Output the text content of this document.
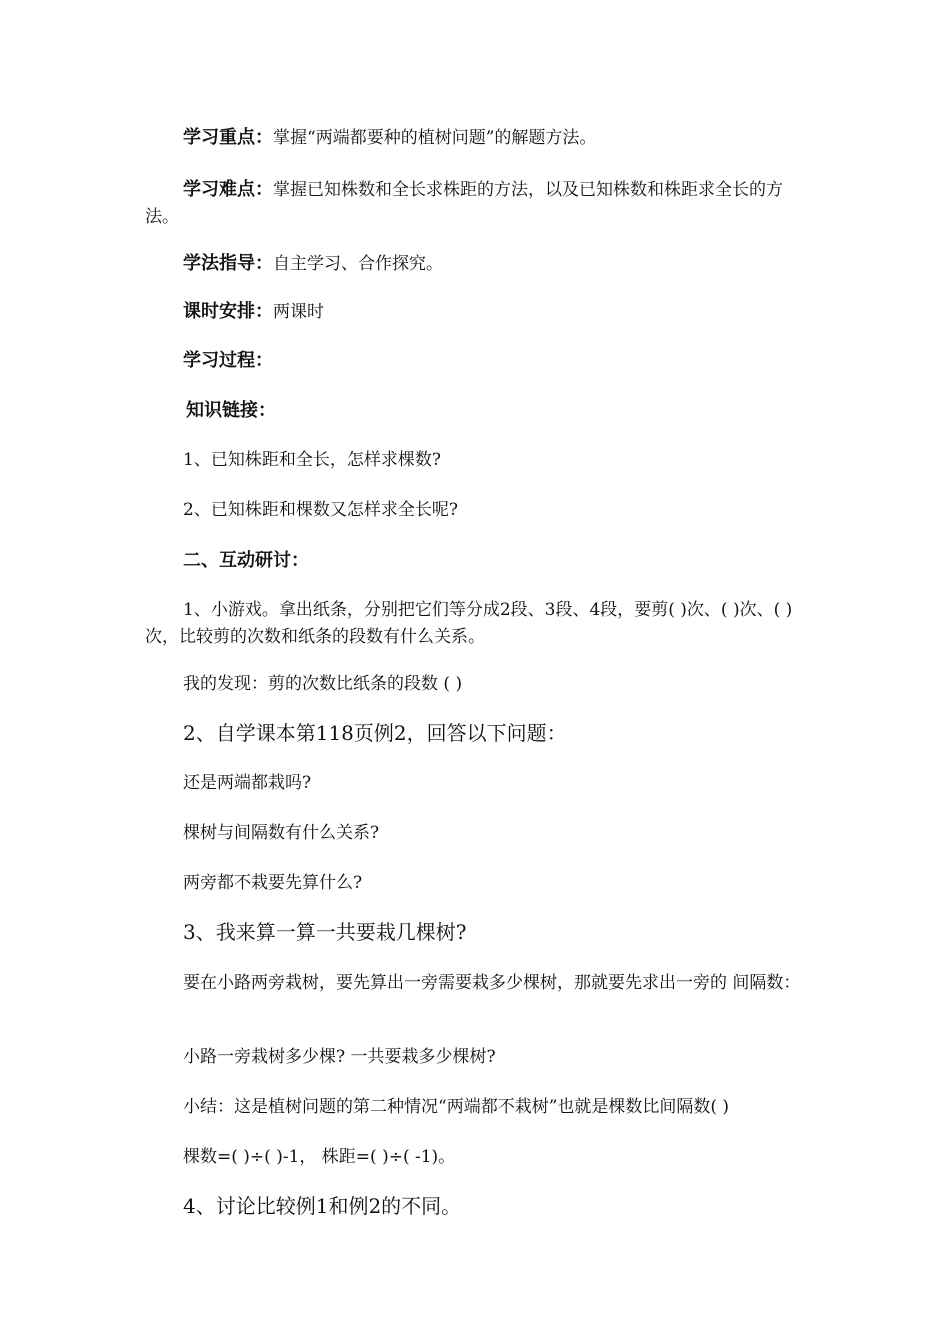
学习重点：掌握“两端都要种的植树问题”的解题方法。

学习难点：掌握已知株数和全长求株距的方法，以及已知株数和株距求全长的方法。

学法指导：自主学习、合作探究。

课时安排：两课时

学习过程：

知识链接：

1、已知株距和全长，怎样求棵数?

2、已知株距和棵数又怎样求全长呢?

二、互动研讨：

1、小游戏。拿出纸条，分别把它们等分成2段、3段、4段，要剪( )次、( )次、( )次，比较剪的次数和纸条的段数有什么关系。

我的发现：剪的次数比纸条的段数 ( )

2、自学课本第118页例2，回答以下问题：

还是两端都栽吗?

棵树与间隔数有什么关系?

两旁都不栽要先算什么?

3、我来算一算一共要栽几棵树?

要在小路两旁栽树，要先算出一旁需要栽多少棵树，那就要先求出一旁的 间隔数：

小路一旁栽树多少棵? 一共要栽多少棵树?

小结：这是植树问题的第二种情况“两端都不栽树”也就是棵数比间隔数( )

棵数=( )÷( )-1， 株距=( )÷( -1)。

4、讨论比较例1和例2的不同。
